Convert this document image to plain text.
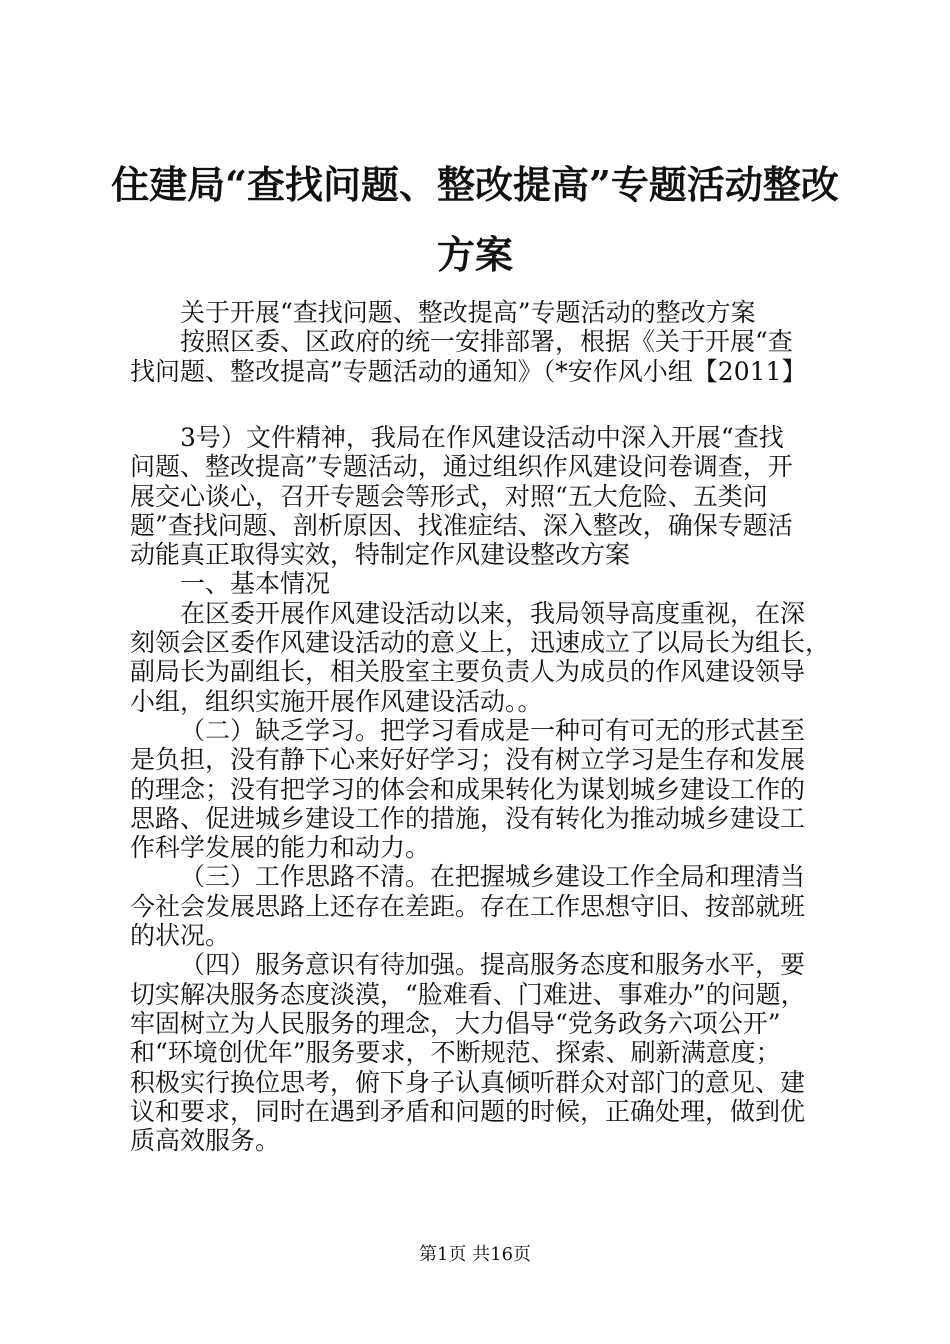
住建局“查找问题、整改提高”专题活动整改
方案
关于开展“查找问题、整改提高”专题活动的整改方案
按照区委、区政府的统一安排部署，根据《关于开展“查
找问题、整改提高”专题活动的通知》（*安作风小组【2011】
3号）文件精神，我局在作风建设活动中深入开展“查找
问题、整改提高”专题活动，通过组织作风建设问卷调查，开
展交心谈心，召开专题会等形式，对照“五大危险、五类问
题”查找问题、剖析原因、找准症结、深入整改，确保专题活
动能真正取得实效，特制定作风建设整改方案
一、基本情况
在区委开展作风建设活动以来，我局领导高度重视，在深
刻领会区委作风建设活动的意义上，迅速成立了以局长为组长，
副局长为副组长，相关股室主要负责人为成员的作风建设领导
小组，组织实施开展作风建设活动。。
（二）缺乏学习。把学习看成是一种可有可无的形式甚至
是负担，没有静下心来好好学习；没有树立学习是生存和发展
的理念；没有把学习的体会和成果转化为谋划城乡建设工作的
思路、促进城乡建设工作的措施，没有转化为推动城乡建设工
作科学发展的能力和动力。
（三）工作思路不清。在把握城乡建设工作全局和理清当
今社会发展思路上还存在差距。存在工作思想守旧、按部就班
的状况。
（四）服务意识有待加强。提高服务态度和服务水平，要
切实解决服务态度淡漠，“脸难看、门难进、事难办”的问题，
牢固树立为人民服务的理念，大力倡导“党务政务六项公开”
和“环境创优年”服务要求，不断规范、探索、刷新满意度；
积极实行换位思考，俯下身子认真倾听群众对部门的意见、建
议和要求，同时在遇到矛盾和问题的时候，正确处理，做到优
质高效服务。
第1页 共16页
